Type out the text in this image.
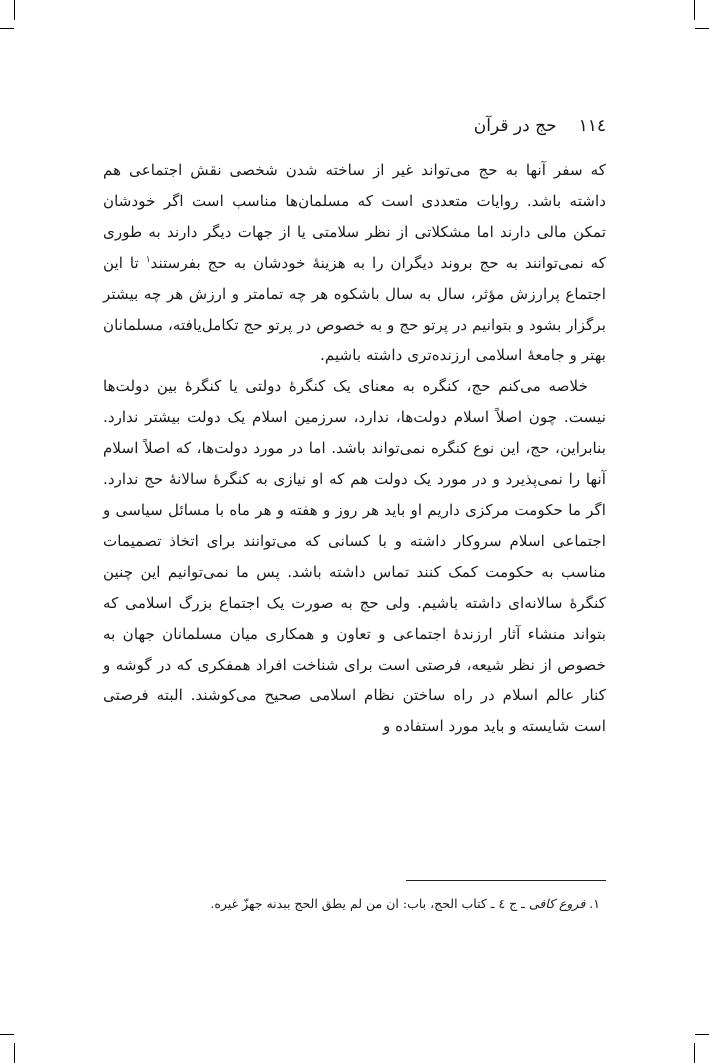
١١٤حج در قرآن

که سفر آنها به حج می‌تواند غیر از ساخته شدن شخصی نقش اجتماعی هم داشته باشد. روایات متعددی است که مسلمان‌ها مناسب است اگر خودشان تمکن مالی دارند اما مشکلاتی از نظر سلامتی یا از جهات دیگر دارند به طوری که نمی‌توانند به حج بروند دیگران را به هزینهٔ خودشان به حج بفرستند$^١$ تا این اجتماع پرارزش مؤثر، سال به سال باشکوه هر چه تمامتر و ارزش هر چه بیشتر برگزار بشود و بتوانیم در پرتو حج و به خصوص در پرتو حج تکامل‌یافته، مسلمانان بهتر و جامعهٔ اسلامی ارزنده‌تری داشته باشیم.

خلاصه می‌کنم حج، کنگره به معنای یک کنگرهٔ دولتی یا کنگرهٔ بین دولت‌ها نیست. چون اصلاً اسلام دولت‌ها، ندارد، سرزمین اسلام یک دولت بیشتر ندارد. بنابراین، حج، این نوع کنگره نمی‌تواند باشد. اما در مورد دولت‌ها، که اصلاً اسلام آنها را نمی‌پذیرد و در مورد یک دولت هم که او نیازی به کنگرهٔ سالانهٔ حج ندارد. اگر ما حکومت مرکزی داریم او باید هر روز و هفته و هر ماه با مسائل سیاسی و اجتماعی اسلام سروکار داشته و با کسانی که می‌توانند برای اتخاذ تصمیمات مناسب به حکومت کمک کنند تماس داشته باشد. پس ما نمی‌توانیم این چنین کنگرهٔ سالانه‌ای داشته باشیم. ولی حج به صورت یک اجتماع بزرگ اسلامی که بتواند منشاء آثار ارزندهٔ اجتماعی و تعاون و همکاری میان مسلمانان جهان به خصوص از نظر شیعه، فرصتی است برای شناخت افراد همفکری که در گوشه و کنار عالم اسلام در راه ساختن نظام اسلامی صحیح می‌کوشند. البته فرصتی است شایسته و باید مورد استفاده و

١. فروع کافی ـ ج ٤ ـ کتاب الحج، باب: ان من لم یطق الحج ببدنه جهزّ غیره.
